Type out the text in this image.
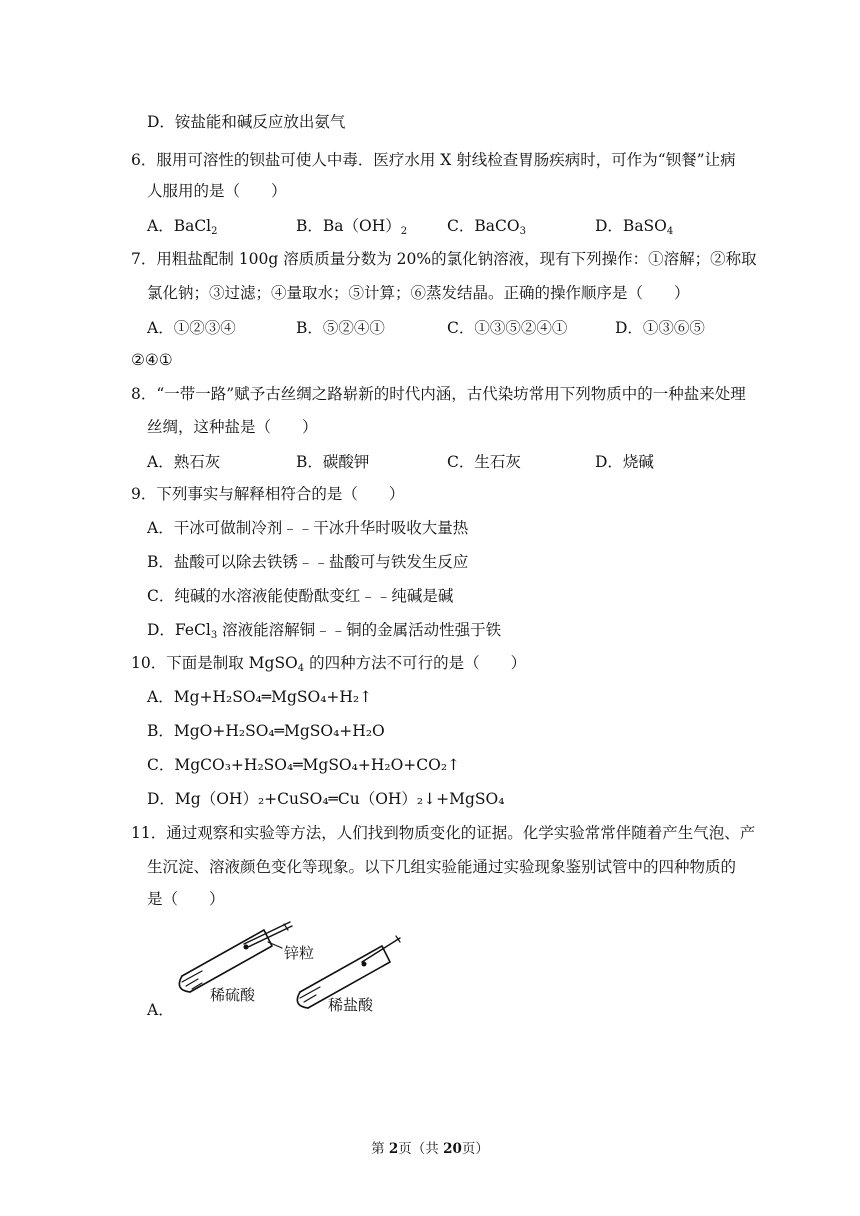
D．铵盐能和碱反应放出氨气
6．服用可溶性的钡盐可使人中毒．医疗水用 X 射线检查胃肠疾病时，可作为“钡餐”让病
人服用的是（　　）
A．BaCl$_2$	B．$Ba(OH)_2$	C．BaCO$_3$	D．BaSO$_4$
7．用粗盐配制 100g 溶质质量分数为 20%的氯化钠溶液，现有下列操作：①溶解；②称取
氯化钠；③过滤；④量取水；⑤计算；⑥蒸发结晶。正确的操作顺序是（　　）
A．①②③④	B．⑤②④①	C．①③⑤②④①	D．①③⑥⑤
②④①
8．“一带一路”赋予古丝绸之路崭新的时代内涵，古代染坊常用下列物质中的一种盐来处理
丝绸，这种盐是（　　）
A．熟石灰	B．碳酸钾	C．生石灰	D．烧碱
9．下列事实与解释相符合的是（　　）
A．干冰可做制冷剂﹣﹣干冰升华时吸收大量热
B．盐酸可以除去铁锈﹣﹣盐酸可与铁发生反应
C．纯碱的水溶液能使酚酞变红﹣﹣纯碱是碱
D．FeCl$_3$ 溶液能溶解铜﹣﹣铜的金属活动性强于铁
10．下面是制取 MgSO$_4$ 的四种方法不可行的是（　　）
A．Mg+H₂SO₄═MgSO₄+H₂↑
B．MgO+H₂SO₄═MgSO₄+H₂O
C．MgCO₃+H₂SO₄═MgSO₄+H₂O+CO₂↑
D．Mg（OH）₂+CuSO₄═Cu（OH）₂↓+MgSO₄
11．通过观察和实验等方法，人们找到物质变化的证据。化学实验常常伴随着产生气泡、产
生沉淀、溶液颜色变化等现象。以下几组实验能通过实验现象鉴别试管中的四种物质的
是（　　）
A．
锌粒
稀硫酸
稀盐酸
第 2页（共 20页）
